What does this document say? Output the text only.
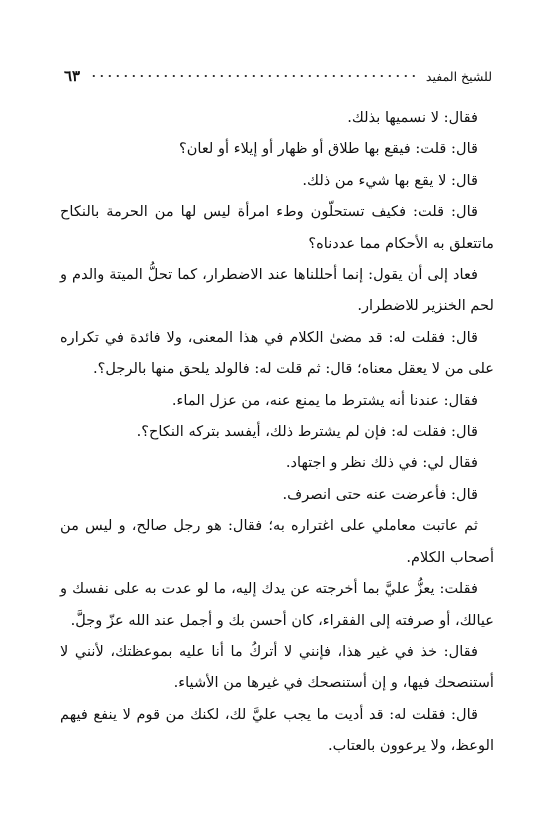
للشيخ المفيد
٦٣

فقال: لا نسميها بذلك.

قال: قلت: فيقع بها طلاق أو ظهار أو إيلاء أو لعان؟

قال: لا يقع بها شيء من ذلك.

قال: قلت: فكيف تستحلّون وطء امرأة ليس لها من الحرمة بالنكاح ماتتعلق به الأحكام مما عددناه؟

فعاد إلى أن يقول: إنما أحللناها عند الاضطرار، كما تحلُّ الميتة والدم و لحم الخنزير للاضطرار.

قال: فقلت له: قد مضىٰ الكلام في هذا المعنى، ولا فائدة في تكراره على من لا يعقل معناه؛ قال: ثم قلت له: فالولد يلحق منها بالرجل؟.

فقال: عندنا أنه يشترط ما يمنع عنه، من عزل الماء.

قال: فقلت له: فإن لم يشترط ذلك، أيفسد بتركه النكاح؟.

فقال لي: في ذلك نظر و اجتهاد.

قال: فأعرضت عنه حتى انصرف.

ثم عاتبت معاملي على اغتراره به؛ فقال: هو رجل صالح، و ليس من أصحاب الكلام.

فقلت: يعزُّ عليَّ بما أخرجته عن يدك إليه، ما لو عدت به على نفسك و عيالك، أو صرفته إلى الفقراء، كان أحسن بك و أجمل عند الله عزّ وجلَّ.

فقال: خذ في غير هذا، فإنني لا أتركُ ما أنا عليه بموعظتك، لأنني لا أستنصحك فيها، و إن أستنصحك في غيرها من الأشياء.

قال: فقلت له: قد أديت ما يجب عليَّ لك، لكنك من قوم لا ينفع فيهم الوعظ، ولا يرعوون بالعتاب.
